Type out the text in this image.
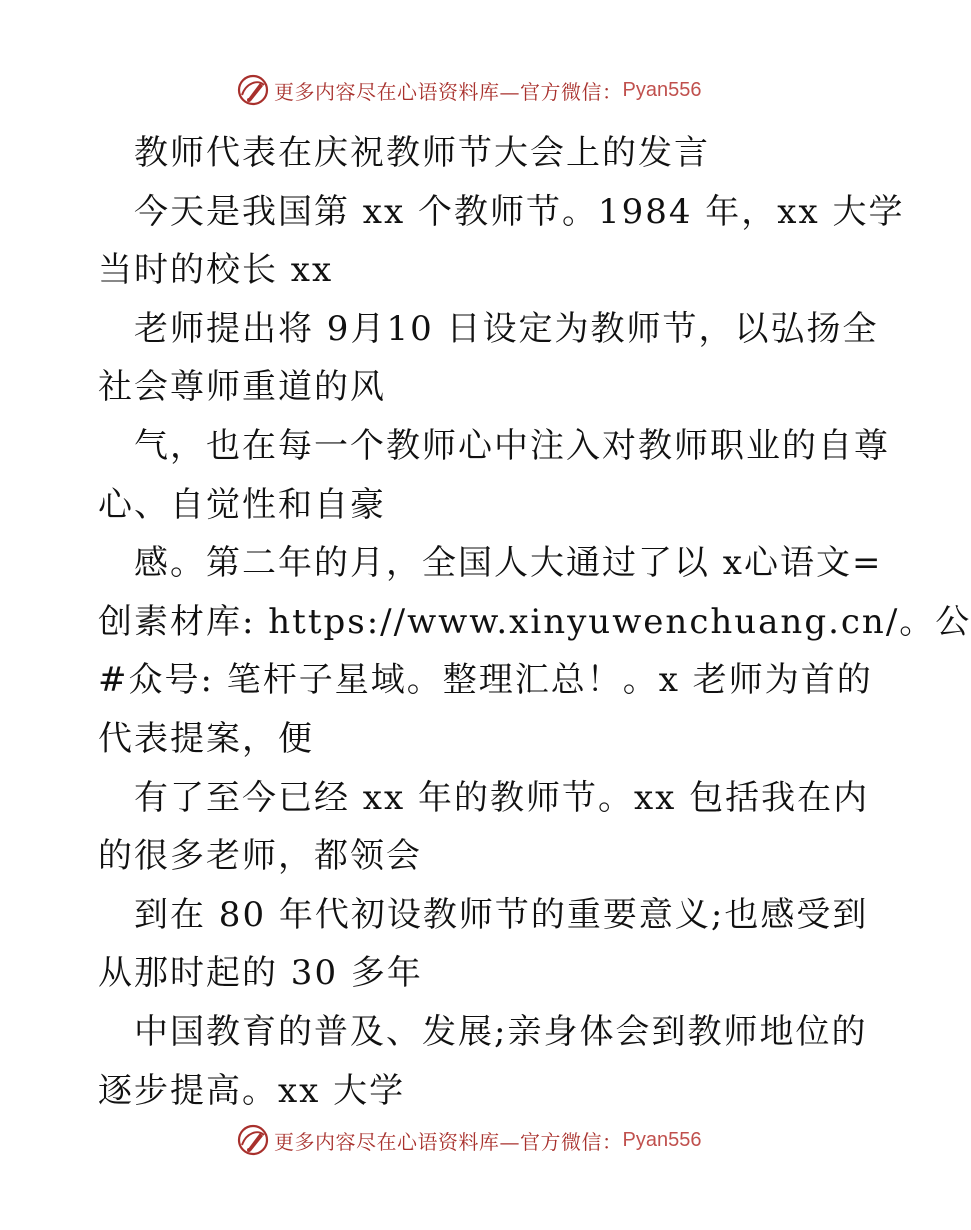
更多内容尽在心语资料库—官方微信： Pyan556
教师代表在庆祝教师节大会上的发言
今天是我国第 xx 个教师节。1984 年，xx 大学
当时的校长 xx
老师提出将 9月10 日设定为教师节，以弘扬全
社会尊师重道的风
气，也在每一个教师心中注入对教师职业的自尊
心、自觉性和自豪
感。第二年的月，全国人大通过了以 x心语文=
创素材库: https://www.xinyuwenchuang.cn/。公
#众号: 笔杆子星域。整理汇总！。x 老师为首的
代表提案，便
有了至今已经 xx 年的教师节。xx 包括我在内
的很多老师，都领会
到在 80 年代初设教师节的重要意义;也感受到
从那时起的 30 多年
中国教育的普及、发展;亲身体会到教师地位的
逐步提高。xx 大学
更多内容尽在心语资料库—官方微信： Pyan556
